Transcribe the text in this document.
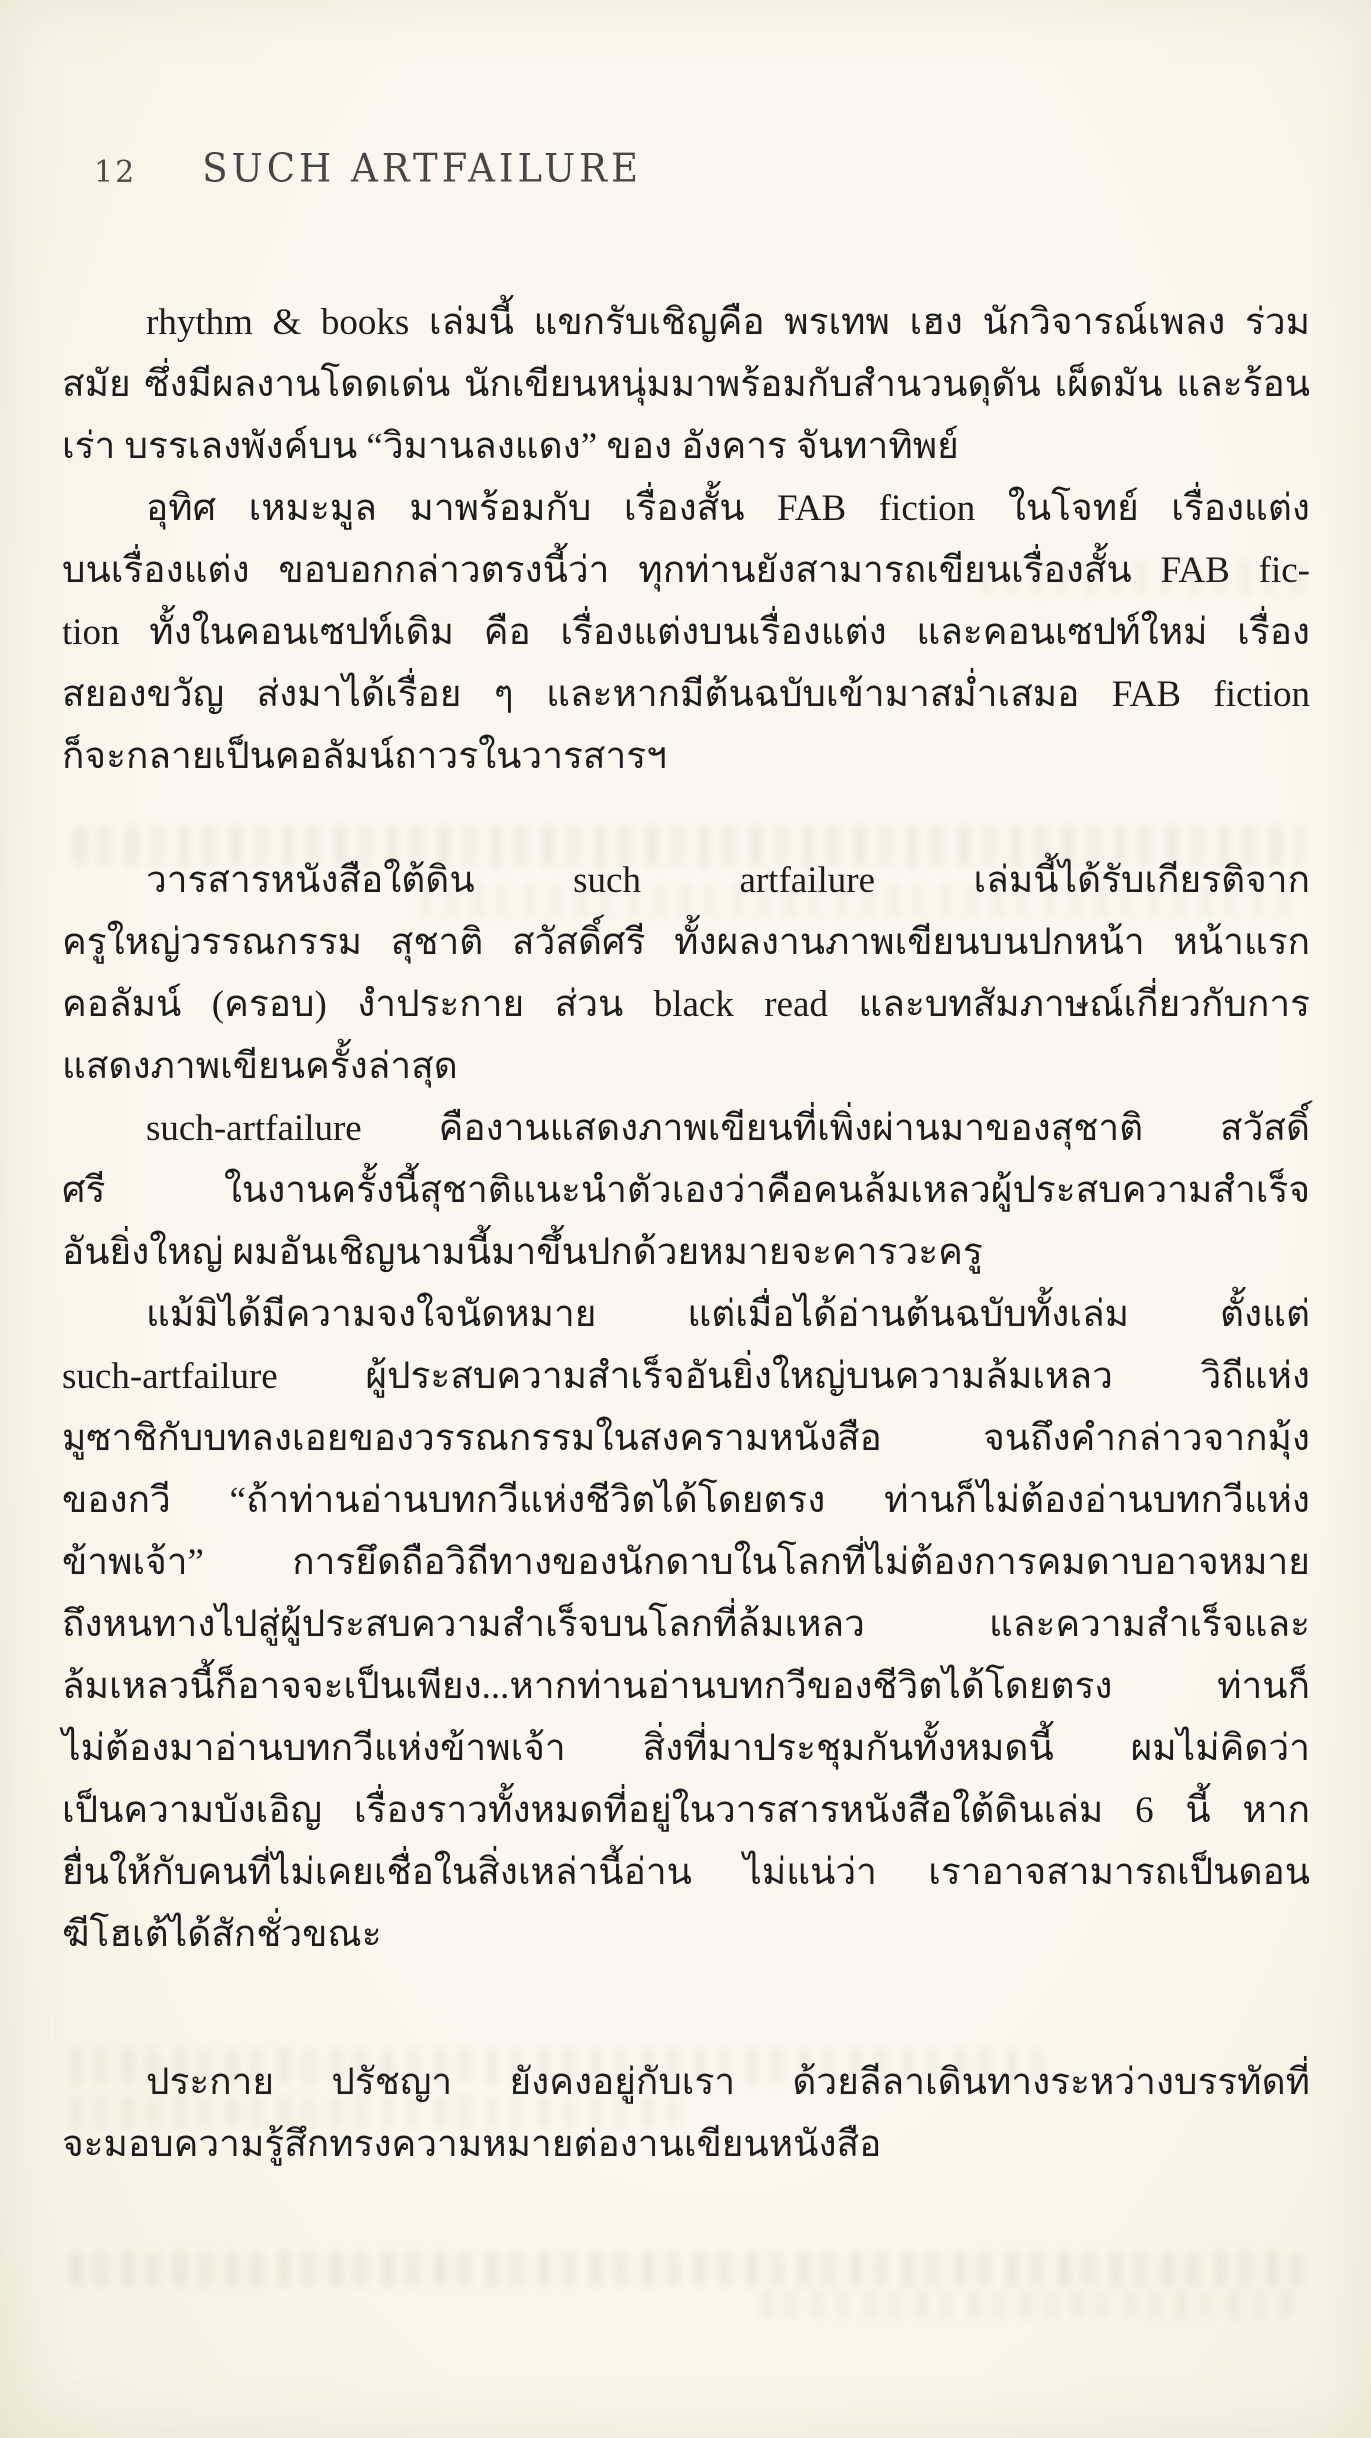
12 SUCH ARTFAILURE
rhythm & books เล่มนี้ แขกรับเชิญคือ พรเทพ เฮง นักวิจารณ์เพลง ร่วม
สมัย ซึ่งมีผลงานโดดเด่น นักเขียนหนุ่มมาพร้อมกับสำนวนดุดัน เผ็ดมัน และร้อน
เร่า บรรเลงพังค์บน “วิมานลงแดง” ของ อังคาร จันทาทิพย์
อุทิศ เหมะมูล มาพร้อมกับ เรื่องสั้น FAB fiction ในโจทย์ เรื่องแต่ง
บนเรื่องแต่ง ขอบอกกล่าวตรงนี้ว่า ทุกท่านยังสามารถเขียนเรื่องสั้น FAB fic-
tion ทั้งในคอนเซปท์เดิม คือ เรื่องแต่งบนเรื่องแต่ง และคอนเซปท์ใหม่ เรื่อง
สยองขวัญ ส่งมาได้เรื่อย ๆ และหากมีต้นฉบับเข้ามาสม่ำเสมอ FAB fiction
ก็จะกลายเป็นคอลัมน์ถาวรในวารสารฯ
วารสารหนังสือใต้ดิน such artfailure เล่มนี้ได้รับเกียรติจาก
ครูใหญ่วรรณกรรม สุชาติ สวัสดิ์ศรี ทั้งผลงานภาพเขียนบนปกหน้า หน้าแรก
คอลัมน์ (ครอบ) งำประกาย ส่วน black read และบทสัมภาษณ์เกี่ยวกับการ
แสดงภาพเขียนครั้งล่าสุด
such-artfailure คืองานแสดงภาพเขียนที่เพิ่งผ่านมาของสุชาติ สวัสดิ์
ศรี ในงานครั้งนี้สุชาติแนะนำตัวเองว่าคือคนล้มเหลวผู้ประสบความสำเร็จ
อันยิ่งใหญ่ ผมอันเชิญนามนี้มาขึ้นปกด้วยหมายจะคารวะครู
แม้มิได้มีความจงใจนัดหมาย แต่เมื่อได้อ่านต้นฉบับทั้งเล่ม ตั้งแต่
such-artfailure ผู้ประสบความสำเร็จอันยิ่งใหญ่บนความล้มเหลว วิถีแห่ง
มูซาชิกับบทลงเอยของวรรณกรรมในสงครามหนังสือ จนถึงคำกล่าวจากมุ้ง
ของกวี “ถ้าท่านอ่านบทกวีแห่งชีวิตได้โดยตรง ท่านก็ไม่ต้องอ่านบทกวีแห่ง
ข้าพเจ้า” การยึดถือวิถีทางของนักดาบในโลกที่ไม่ต้องการคมดาบอาจหมาย
ถึงหนทางไปสู่ผู้ประสบความสำเร็จบนโลกที่ล้มเหลว และความสำเร็จและ
ล้มเหลวนี้ก็อาจจะเป็นเพียง...หากท่านอ่านบทกวีของชีวิตได้โดยตรง ท่านก็
ไม่ต้องมาอ่านบทกวีแห่งข้าพเจ้า สิ่งที่มาประชุมกันทั้งหมดนี้ ผมไม่คิดว่า
เป็นความบังเอิญ เรื่องราวทั้งหมดที่อยู่ในวารสารหนังสือใต้ดินเล่ม 6 นี้ หาก
ยื่นให้กับคนที่ไม่เคยเชื่อในสิ่งเหล่านี้อ่าน ไม่แน่ว่า เราอาจสามารถเป็นดอน
ฆีโฮเต้ได้สักชั่วขณะ
ประกาย ปรัชญา ยังคงอยู่กับเรา ด้วยลีลาเดินทางระหว่างบรรทัดที่
จะมอบความรู้สึกทรงความหมายต่องานเขียนหนังสือ
